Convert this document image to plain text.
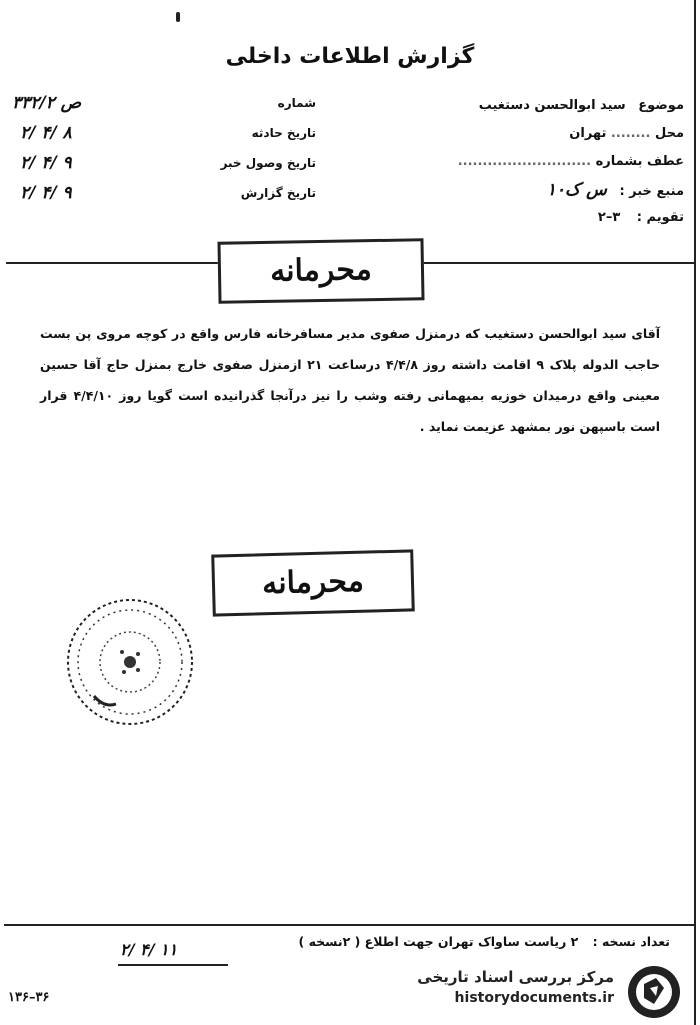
گزارش اطلاعات داخلی
موضوع سید ابوالحسن دستغیب
محل ........ تهران
عطف بشماره ...........................
منبع خبر : س ک۱۰
تقویم : ۳–۲
۳۳۲/۲ ص	شماره
۲/ ۴/ ۸	تاریخ حادثه
۲/ ۴/ ۹	تاریخ وصول خبر
۲/ ۴/ ۹	تاریخ گزارش
محرمانه
آقای سید ابوالحسن دستغیب که درمنزل صفوی مدیر مسافرخانه فارس واقع در کوچه مروی پن بست حاجب الدوله پلاک ۹ اقامت داشته روز ۴/۴/۸ درساعت ۲۱ ازمنزل صفوی خارج بمنزل حاج آقا حسین معینی واقع درمیدان خوزیه بمیهمانی رفته وشب را نیز درآنجا گذرانیده است گویا روز ۴/۴/۱۰ قرار است باسپهن نور بمشهد عزیمت نماید .
محرمانه
تعداد نسخه : ۲ ریاست ساواک تهران جهت اطلاع ( ۲نسخه )
۲/ ۴/ ۱۱
۱۳۶–۳۶
مرکز بررسی اسناد تاریخی
historydocuments.ir
